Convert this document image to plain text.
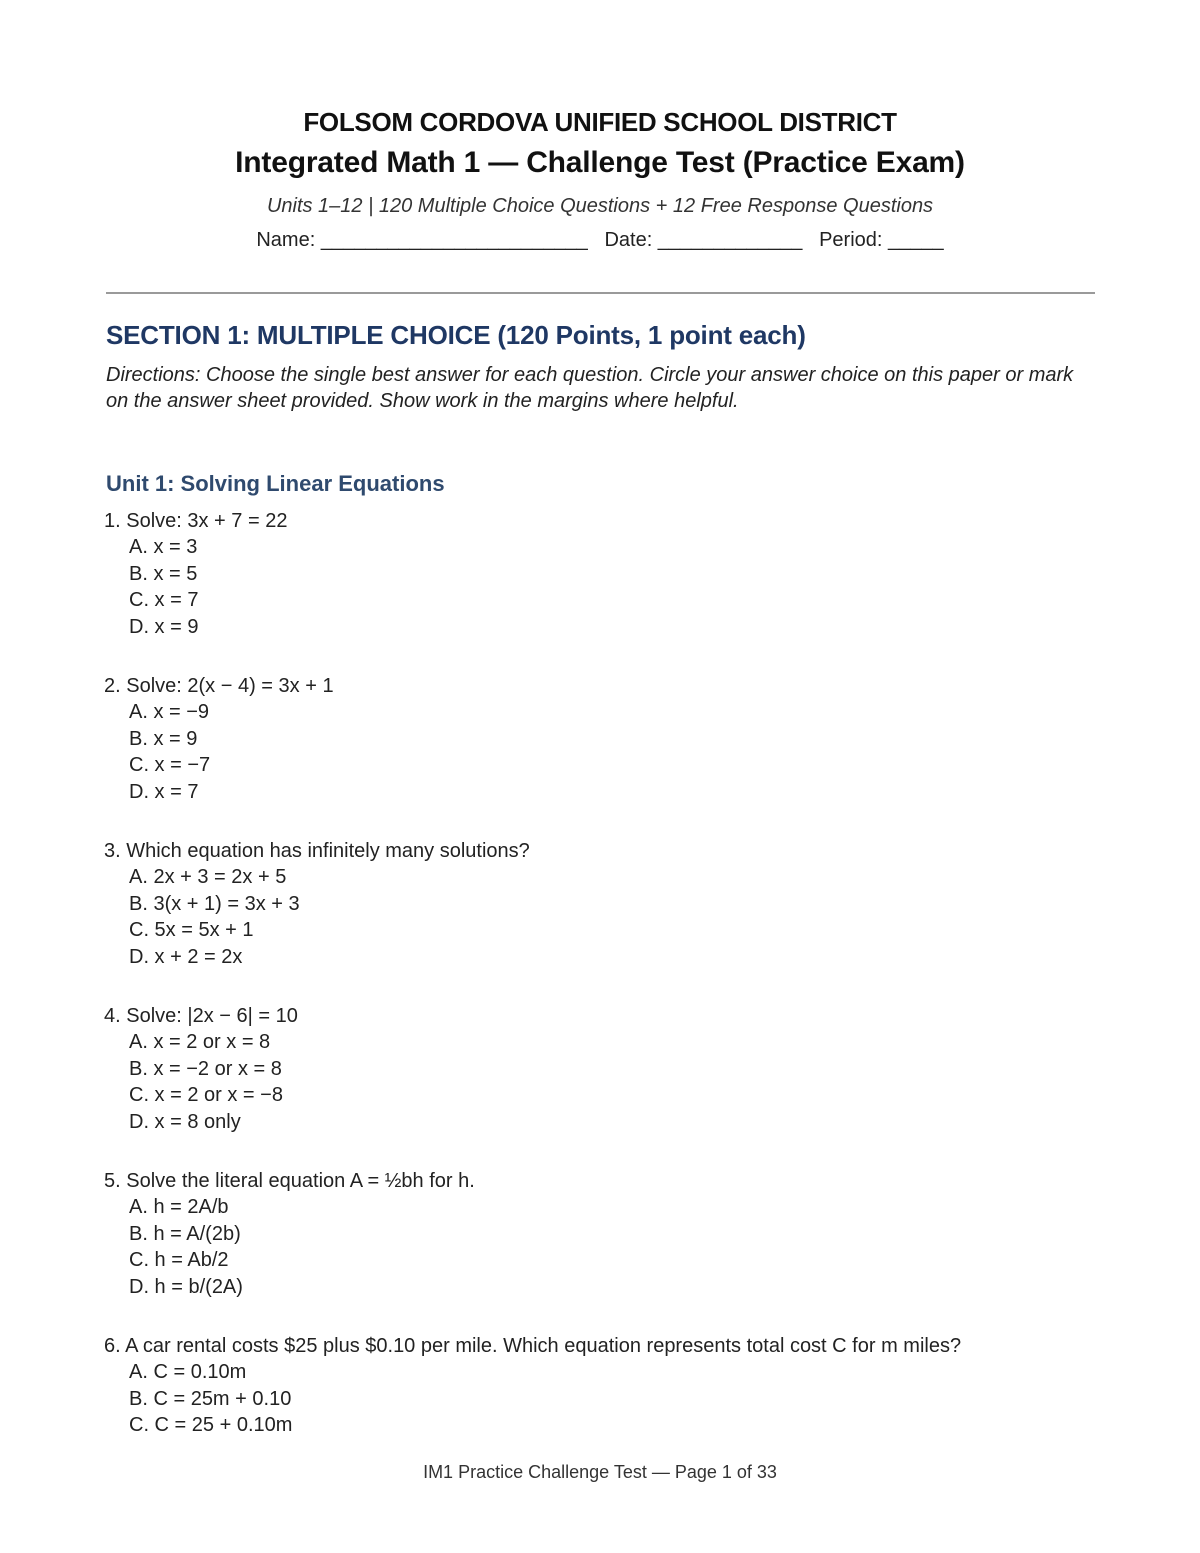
FOLSOM CORDOVA UNIFIED SCHOOL DISTRICT
Integrated Math 1 — Challenge Test (Practice Exam)
Units 1–12 | 120 Multiple Choice Questions + 12 Free Response Questions
Name: ________________________   Date: _____________   Period: _____
SECTION 1: MULTIPLE CHOICE (120 Points, 1 point each)
Directions: Choose the single best answer for each question. Circle your answer choice on this paper or mark on the answer sheet provided. Show work in the margins where helpful.
Unit 1: Solving Linear Equations
1. Solve: 3x + 7 = 22
A. x = 3
B. x = 5
C. x = 7
D. x = 9
2. Solve: 2(x − 4) = 3x + 1
A. x = −9
B. x = 9
C. x = −7
D. x = 7
3. Which equation has infinitely many solutions?
A. 2x + 3 = 2x + 5
B. 3(x + 1) = 3x + 3
C. 5x = 5x + 1
D. x + 2 = 2x
4. Solve: |2x − 6| = 10
A. x = 2 or x = 8
B. x = −2 or x = 8
C. x = 2 or x = −8
D. x = 8 only
5. Solve the literal equation A = ½bh for h.
A. h = 2A/b
B. h = A/(2b)
C. h = Ab/2
D. h = b/(2A)
6. A car rental costs $25 plus $0.10 per mile. Which equation represents total cost C for m miles?
A. C = 0.10m
B. C = 25m + 0.10
C. C = 25 + 0.10m
IM1 Practice Challenge Test — Page 1 of 33
